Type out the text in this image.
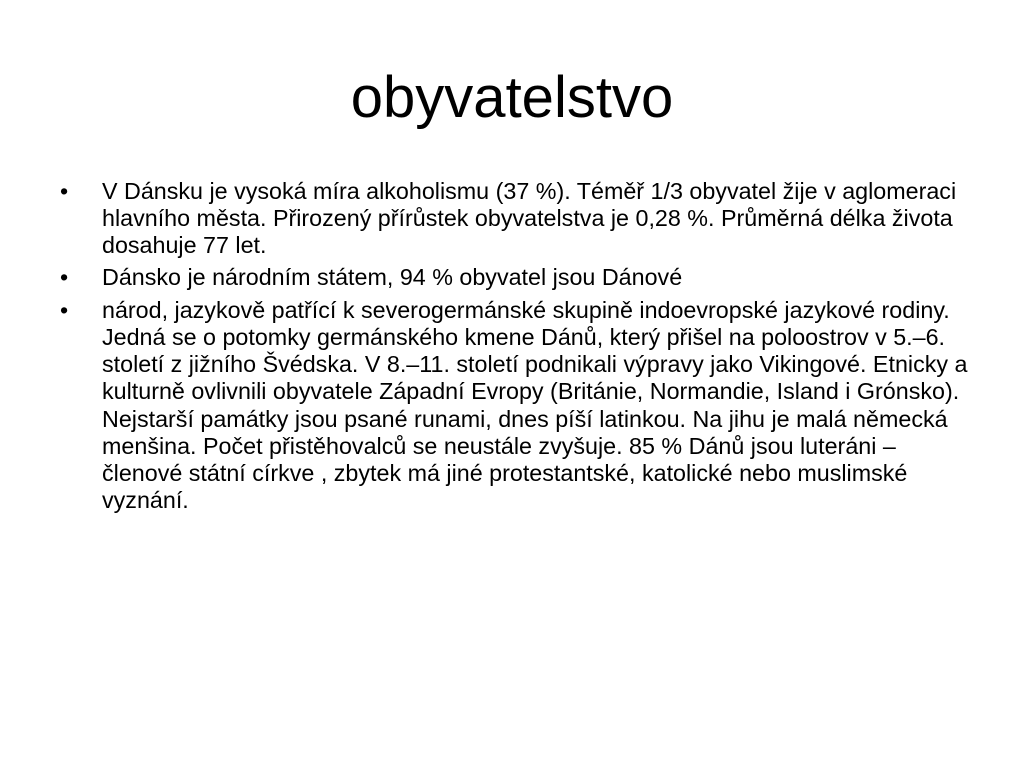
obyvatelstvo
•	V Dánsku je vysoká míra alkoholismu (37 %). Téměř 1/3 obyvatel žije v aglomeraci hlavního města. Přirozený přírůstek obyvatelstva je 0,28 %. Průměrná délka života dosahuje 77 let.
•	Dánsko je národním státem, 94 % obyvatel jsou Dánové
•	národ, jazykově patřící k severogermánské skupině indoevropské jazykové rodiny. Jedná se o potomky germánského kmene Dánů, který přišel na poloostrov v 5.–6. století z jižního Švédska. V 8.–11. století podnikali výpravy jako Vikingové. Etnicky a kulturně ovlivnili obyvatele Západní Evropy (Británie, Normandie, Island i Grónsko). Nejstarší památky jsou psané runami, dnes píší latinkou. Na jihu je malá německá menšina. Počet přistěhovalců se neustále zvyšuje. 85 % Dánů jsou luteráni – členové státní církve , zbytek má jiné protestantské, katolické nebo muslimské vyznání.
